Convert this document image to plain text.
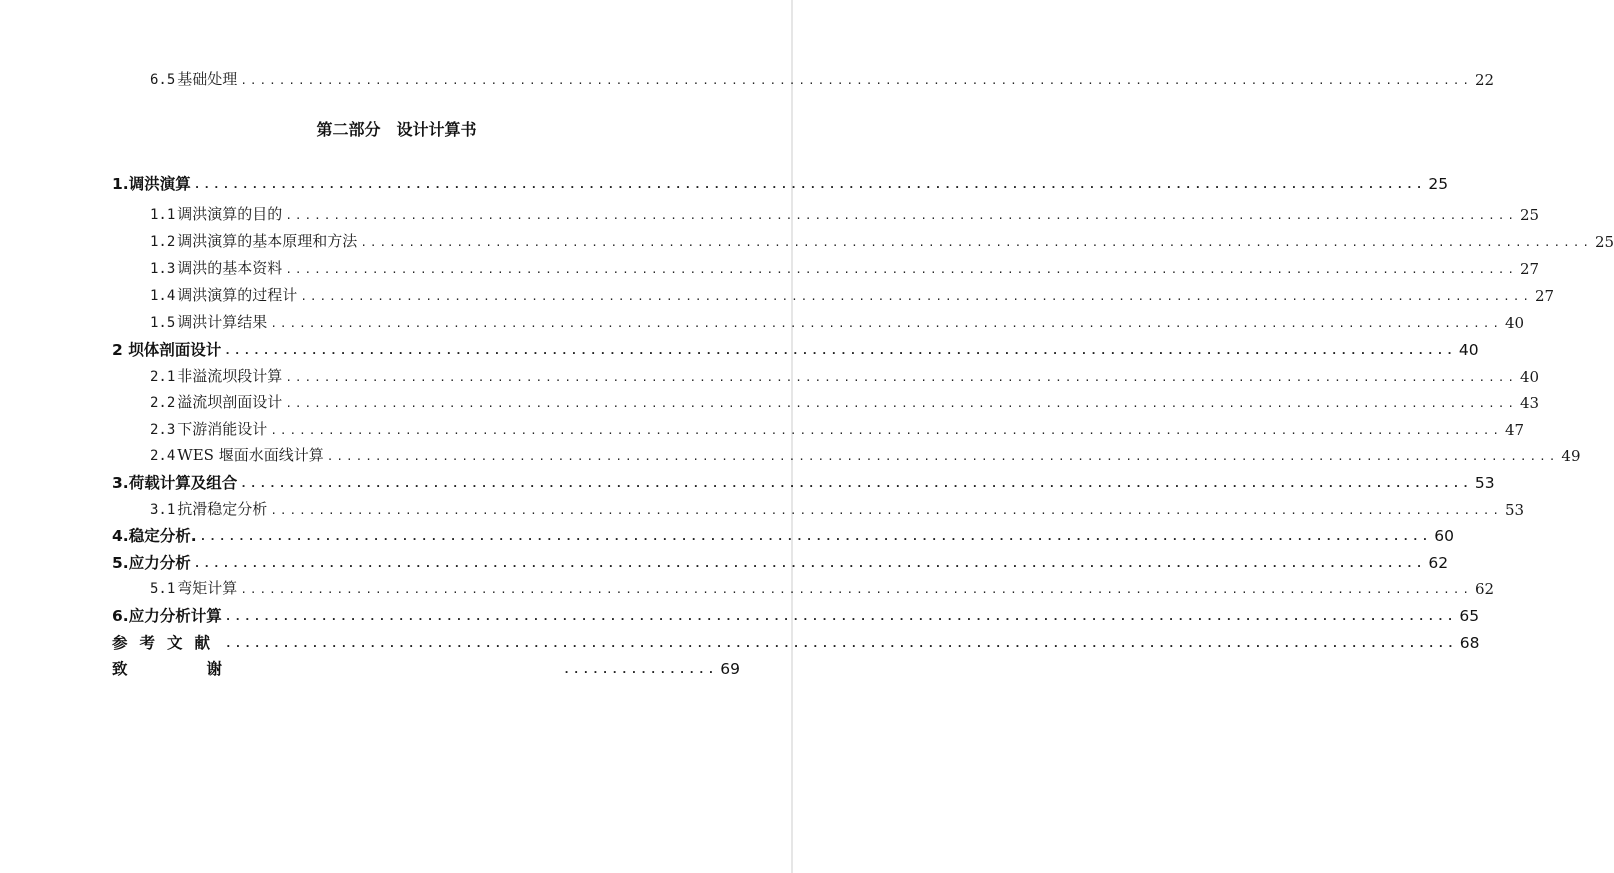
6.5 基础处理 ................................................................................................................................ 22
第二部分　设计计算书
1.调洪演算 ................................................................................................................................ 25
1.1 调洪演算的目的 ................................................................................................................................ 25
1.2 调洪演算的基本原理和方法 ................................................................................................................................ 25
1.3 调洪的基本资料 ................................................................................................................................ 27
1.4 调洪演算的过程计 ................................................................................................................................ 27
1.5 调洪计算结果 ................................................................................................................................ 40
2 坝体剖面设计 ................................................................................................................................ 40
2.1 非溢流坝段计算 ................................................................................................................................ 40
2.2 溢流坝剖面设计 ................................................................................................................................ 43
2.3 下游消能设计 ................................................................................................................................ 47
2.4 WES 堰面水面线计算 ................................................................................................................................ 49
3.荷载计算及组合 ................................................................................................................................ 53
3.1 抗滑稳定分析 ................................................................................................................................ 53
4.稳定分析. ................................................................................................................................ 60
5.应力分析 ................................................................................................................................ 62
5.1 弯矩计算 ................................................................................................................................ 62
6.应力分析计算 ................................................................................................................................ 65
参考文献 ................................................................................................................................ 68
致	谢	................ 69
